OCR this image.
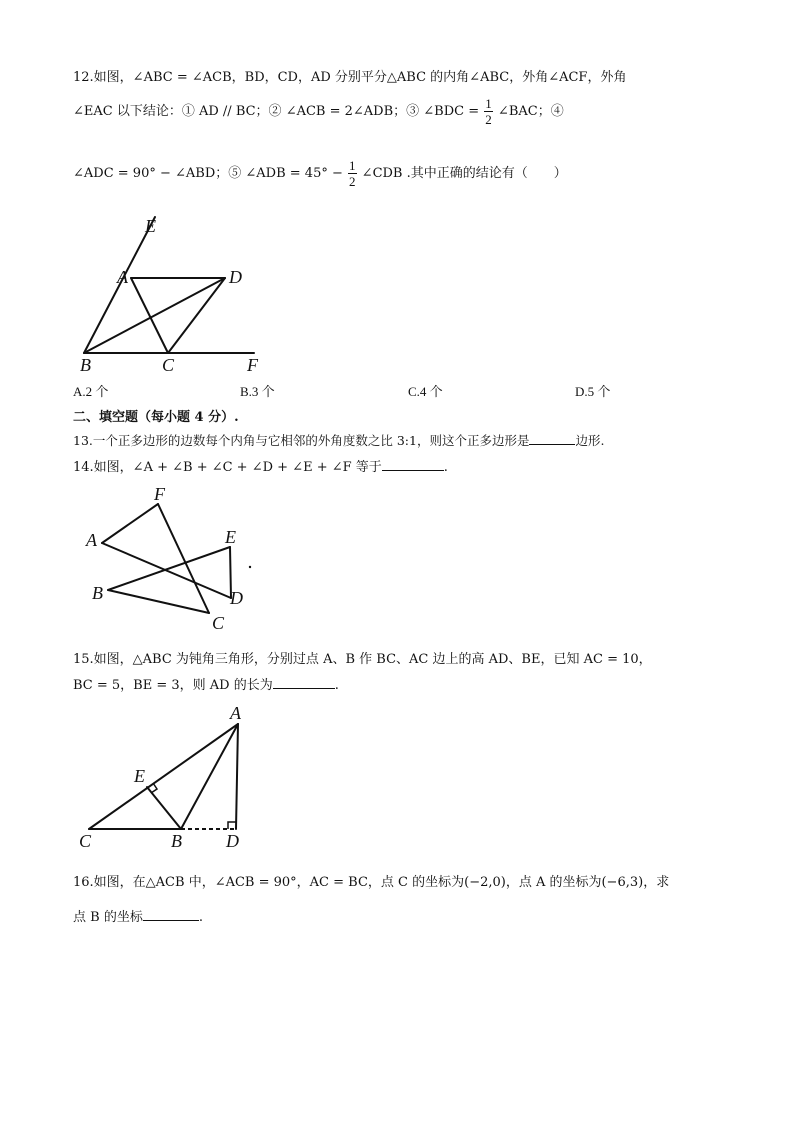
12.如图，∠ABC = ∠ACB，BD，CD，AD 分别平分△ABC 的内角∠ABC，外角∠ACF，外角
∠EAC 以下结论：① AD // BC；② ∠ACB = 2∠ADB；③ ∠BDC = $\frac{1}{2}$ ∠BAC；④
∠ADC = 90° − ∠ABD；⑤ ∠ADB = $45^\circ - \frac{1}{2}$ ∠CDB .其中正确的结论有（　　）
E
A	D
B	C	F
A.2 个	B.3 个	C.4 个	D.5 个
二、填空题（每小题 4 分）.
13.一个正多边形的边数每个内角与它相邻的外角度数之比 3:1，则这个正多边形是	边形.
14.如图，∠A + ∠B + ∠C + ∠D + ∠E + ∠F 等于	.
F
A	E
B	D
C
15.如图，△ABC 为钝角三角形，分别过点 A、B 作 BC、AC 边上的高 AD、BE，已知 AC = 10，
BC = 5，BE = 3，则 AD 的长为	.
A
E
C	B D
16.如图，在△ACB 中，∠ACB = 90°，AC = BC，点 C 的坐标为(−2,0)，点 A 的坐标为(−6,3)，求
点 B 的坐标	.
